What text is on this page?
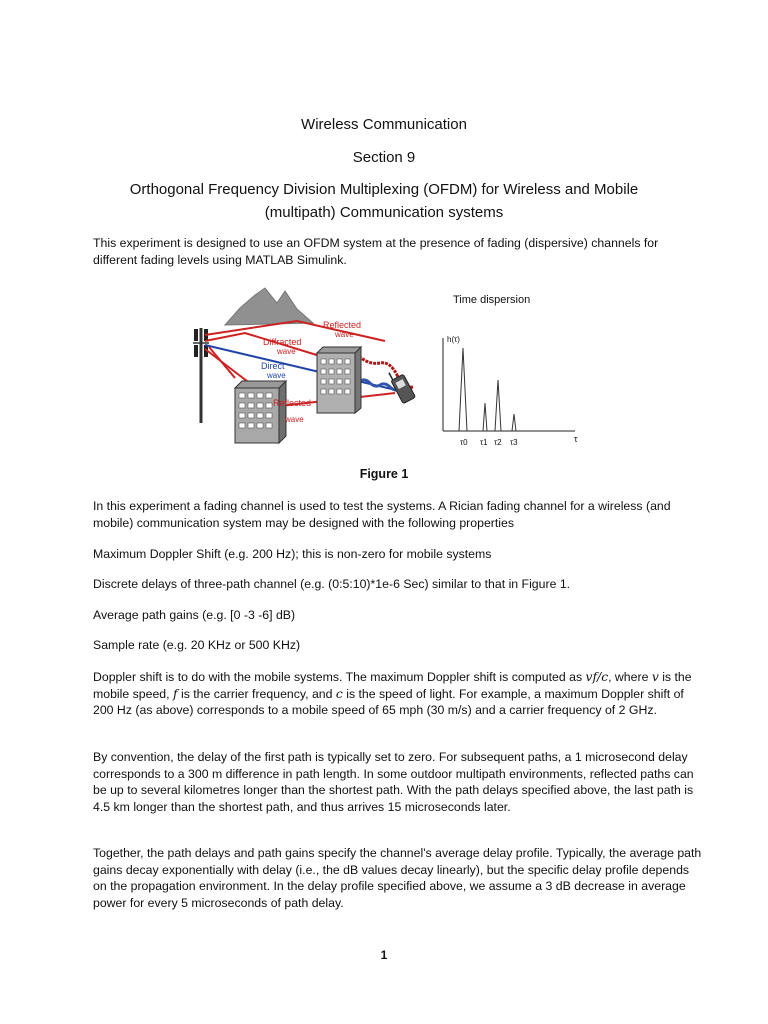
Wireless Communication
Section 9
Orthogonal Frequency Division Multiplexing (OFDM) for Wireless and Mobile
(multipath) Communication systems

This experiment is designed to use an OFDM system at the presence of fading (dispersive) channels for different fading levels using MATLAB Simulink.

Reflected
wave
Diffracted
wave
Direct
wave
Reflected
wave
Time dispersion
h(τ)
τ0 τ1 τ2 τ3	τ
Figure 1

In this experiment a fading channel is used to test the systems. A Rician fading channel for a wireless (and mobile) communication system may be designed with the following properties

Maximum Doppler Shift (e.g. 200 Hz); this is non-zero for mobile systems

Discrete delays of three-path channel (e.g. (0:5:10)*1e-6 Sec) similar to that in Figure 1.

Average path gains (e.g. [0 -3 -6] dB)

Sample rate (e.g. 20 KHz or 500 KHz)

Doppler shift is to do with the mobile systems. The maximum Doppler shift is computed as vf/c, where v is the mobile speed, f is the carrier frequency, and c is the speed of light. For example, a maximum Doppler shift of 200 Hz (as above) corresponds to a mobile speed of 65 mph (30 m/s) and a carrier frequency of 2 GHz.

By convention, the delay of the first path is typically set to zero. For subsequent paths, a 1 microsecond delay corresponds to a 300 m difference in path length. In some outdoor multipath environments, reflected paths can be up to several kilometres longer than the shortest path. With the path delays specified above, the last path is 4.5 km longer than the shortest path, and thus arrives 15 microseconds later.

Together, the path delays and path gains specify the channel's average delay profile. Typically, the average path gains decay exponentially with delay (i.e., the dB values decay linearly), but the specific delay profile depends on the propagation environment. In the delay profile specified above, we assume a 3 dB decrease in average power for every 5 microseconds of path delay.

1
